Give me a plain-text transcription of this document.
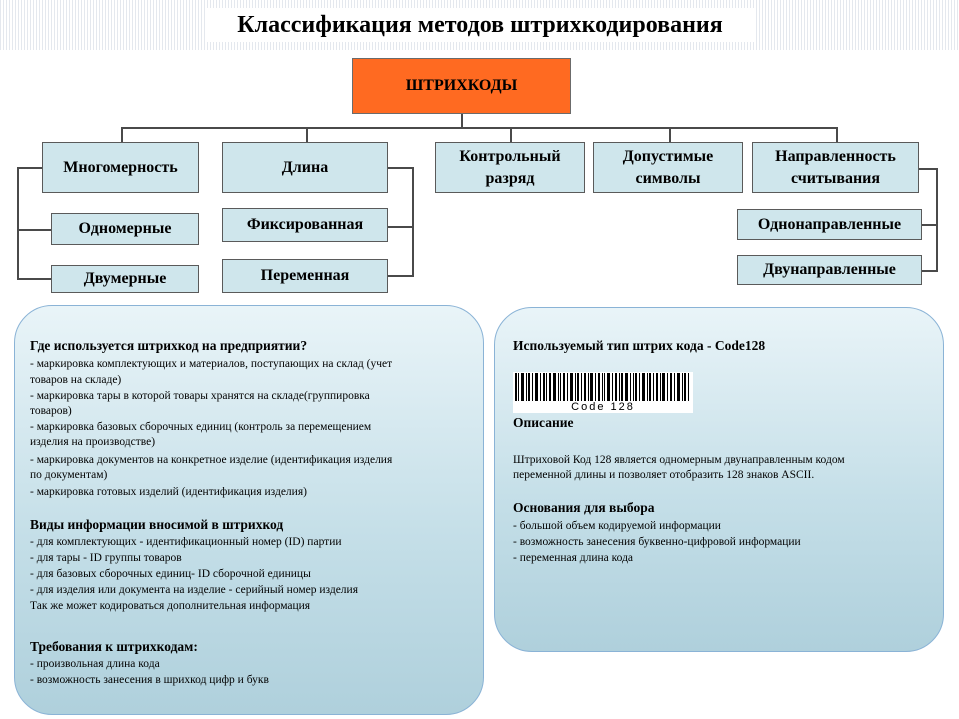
Классификация методов штрихкодирования
ШТРИХКОДЫ
Многомерность	Длина
Контрольный разряд
Допустимые символы
Направленность считывания
Одномерные
Двумерные
Фиксированная
Переменная
Однонаправленные
Двунаправленные
Где используется штрихкод на предприятии?
- маркировка комплектующих и материалов, поступающих на склад (учет
товаров на складе)
- маркировка тары в которой товары хранятся на складе(группировка
товаров)
- маркировка базовых сборочных единиц (контроль за перемещением
изделия на производстве)
- маркировка документов на конкретное изделие (идентификация изделия
по документам)
- маркировка готовых изделий (идентификация изделия)
Виды информации вносимой в штрихкод
- для комплектующих - идентификационный номер (ID) партии
- для тары - ID группы товаров
- для базовых сборочных единиц- ID сборочной единицы
- для изделия или документа на изделие - серийный номер изделия
Так же может кодироваться дополнительная информация
Требования к штрихкодам:
- произвольная длина кода
- возможность занесения в шрихкод цифр и букв
Используемый тип штрих кода - Code128
Code 128
Описание
Штриховой Код 128 является одномерным двунаправленным кодом
переменной длины и позволяет отобразить 128 знаков ASCII.
Основания для выбора
- большой объем кодируемой информации
- возможность занесения буквенно-цифровой информации
- переменная длина кода
